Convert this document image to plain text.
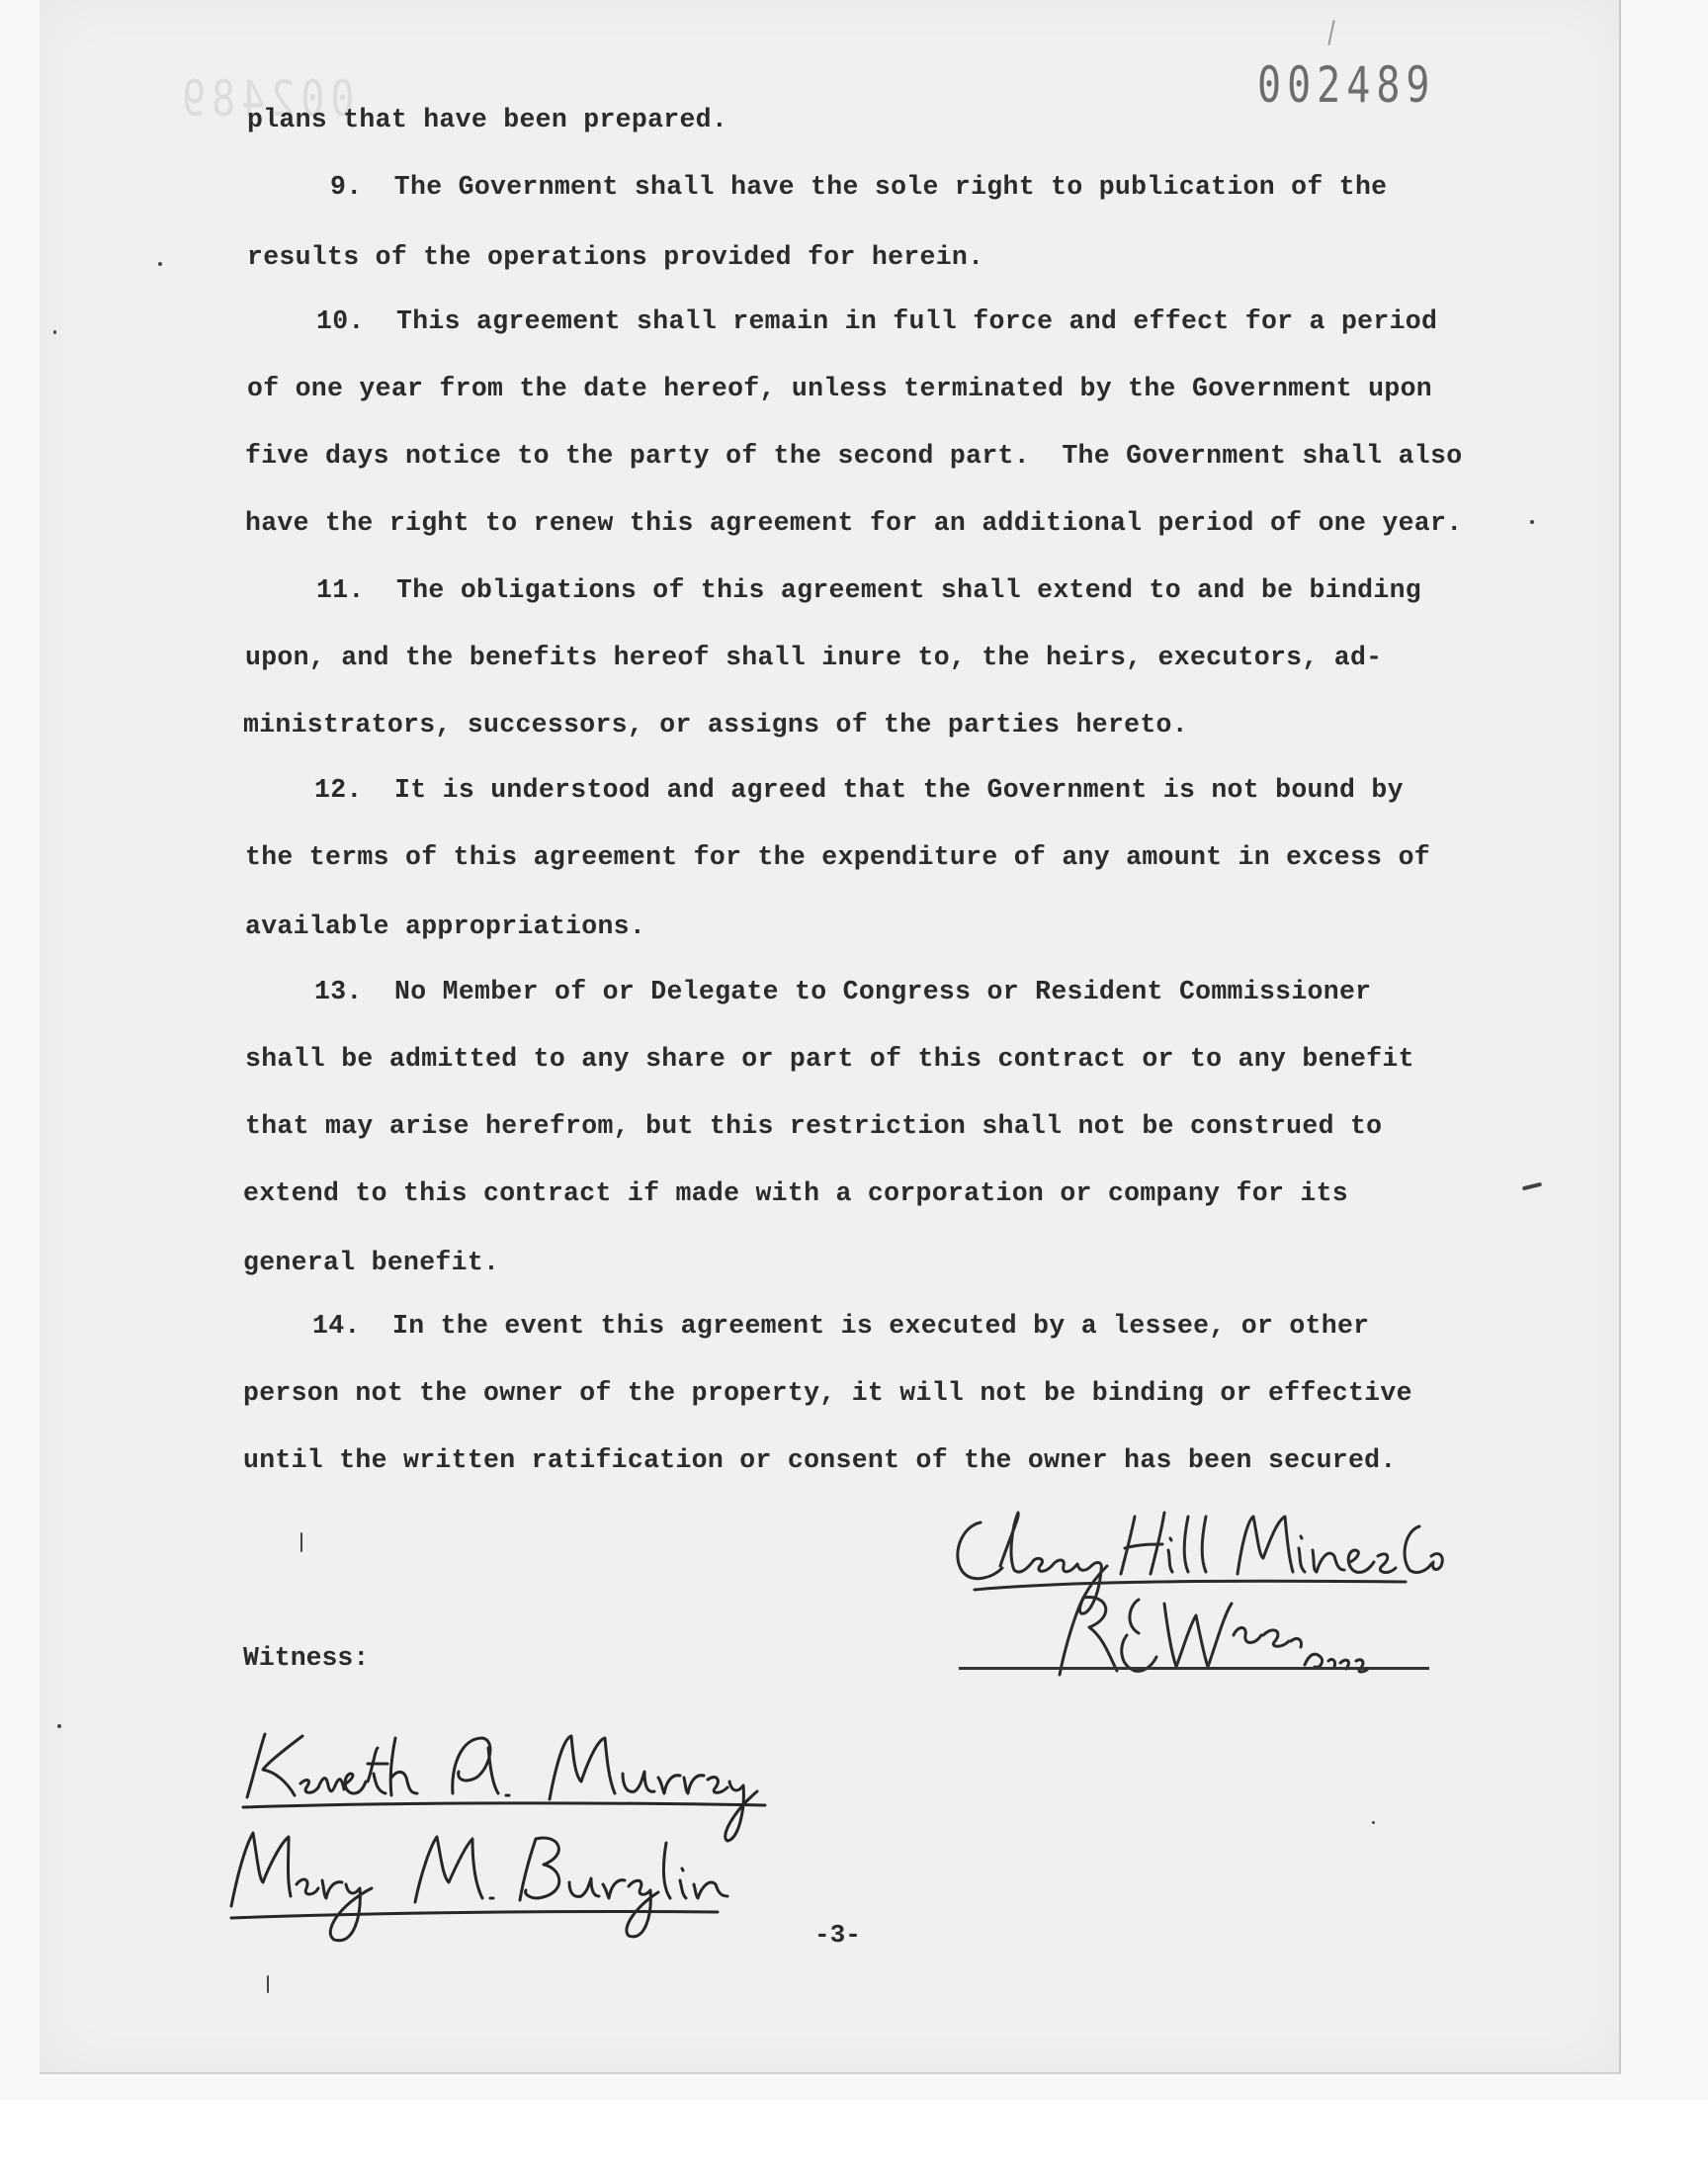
002489	002489
plans that have been prepared.
9.  The Government shall have the sole right to publication of the
results of the operations provided for herein.
10.  This agreement shall remain in full force and effect for a period
of one year from the date hereof, unless terminated by the Government upon
five days notice to the party of the second part.  The Government shall also
have the right to renew this agreement for an additional period of one year.
11.  The obligations of this agreement shall extend to and be binding
upon, and the benefits hereof shall inure to, the heirs, executors, ad-
ministrators, successors, or assigns of the parties hereto.
12.  It is understood and agreed that the Government is not bound by
the terms of this agreement for the expenditure of any amount in excess of
available appropriations.
13.  No Member of or Delegate to Congress or Resident Commissioner
shall be admitted to any share or part of this contract or to any benefit
that may arise herefrom, but this restriction shall not be construed to
extend to this contract if made with a corporation or company for its
general benefit.
14.  In the event this agreement is executed by a lessee, or other
person not the owner of the property, it will not be binding or effective
until the written ratification or consent of the owner has been secured.
Witness:
-3-
